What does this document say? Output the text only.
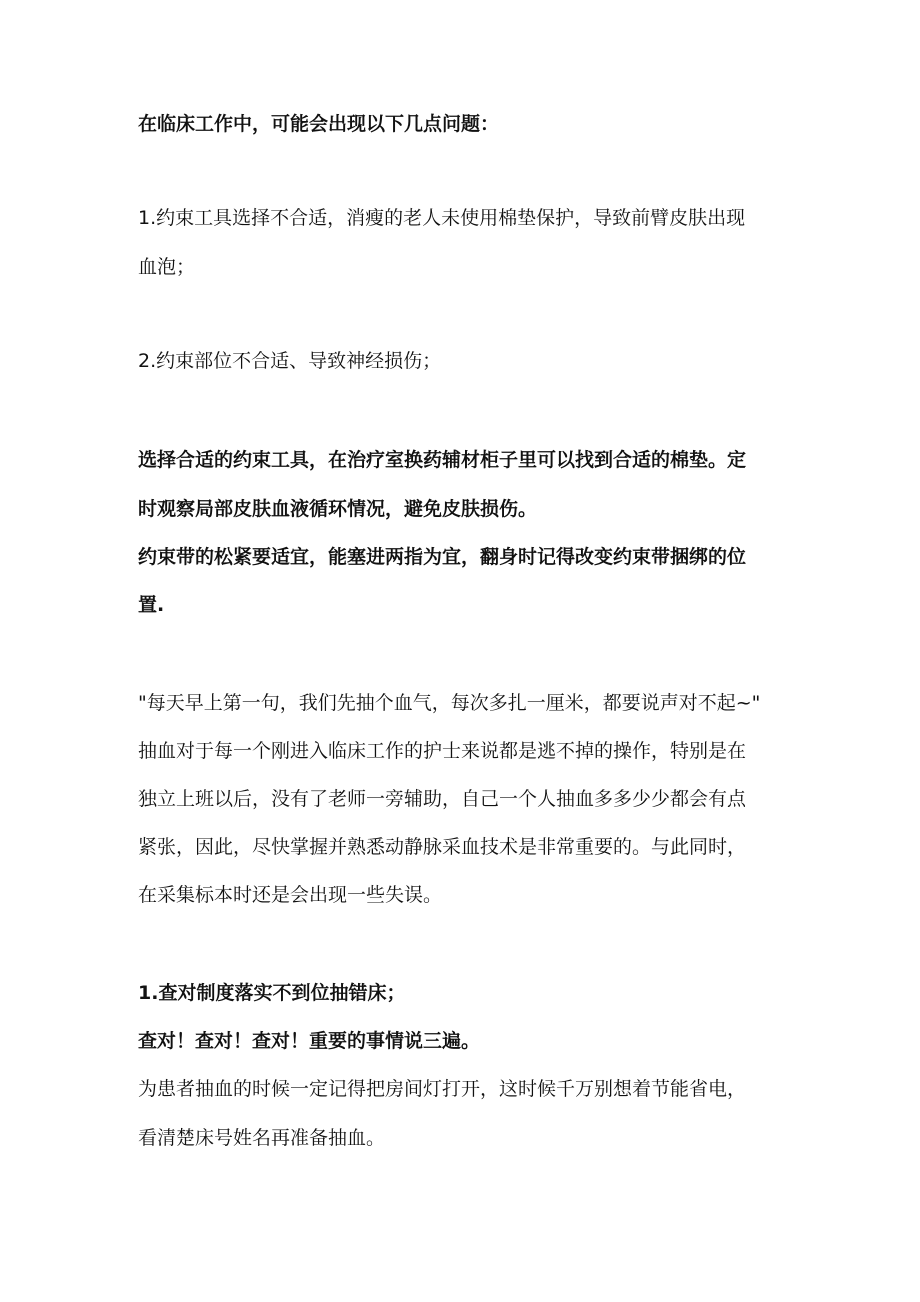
在临床工作中，可能会出现以下几点问题：
1.约束工具选择不合适，消瘦的老人未使用棉垫保护，导致前臂皮肤出现
血泡；
2.约束部位不合适、导致神经损伤；
选择合适的约束工具，在治疗室换药辅材柜子里可以找到合适的棉垫。定
时观察局部皮肤血液循环情况，避免皮肤损伤。
约束带的松紧要适宜，能塞进两指为宜，翻身时记得改变约束带捆绑的位
置.
"每天早上第一句，我们先抽个血气，每次多扎一厘米，都要说声对不起~"
抽血对于每一个刚进入临床工作的护士来说都是逃不掉的操作，特别是在
独立上班以后，没有了老师一旁辅助，自己一个人抽血多多少少都会有点
紧张，因此，尽快掌握并熟悉动静脉采血技术是非常重要的。与此同时，
在采集标本时还是会出现一些失误。
1.查对制度落实不到位抽错床；
查对！查对！查对！重要的事情说三遍。
为患者抽血的时候一定记得把房间灯打开，这时候千万别想着节能省电，
看清楚床号姓名再准备抽血。
